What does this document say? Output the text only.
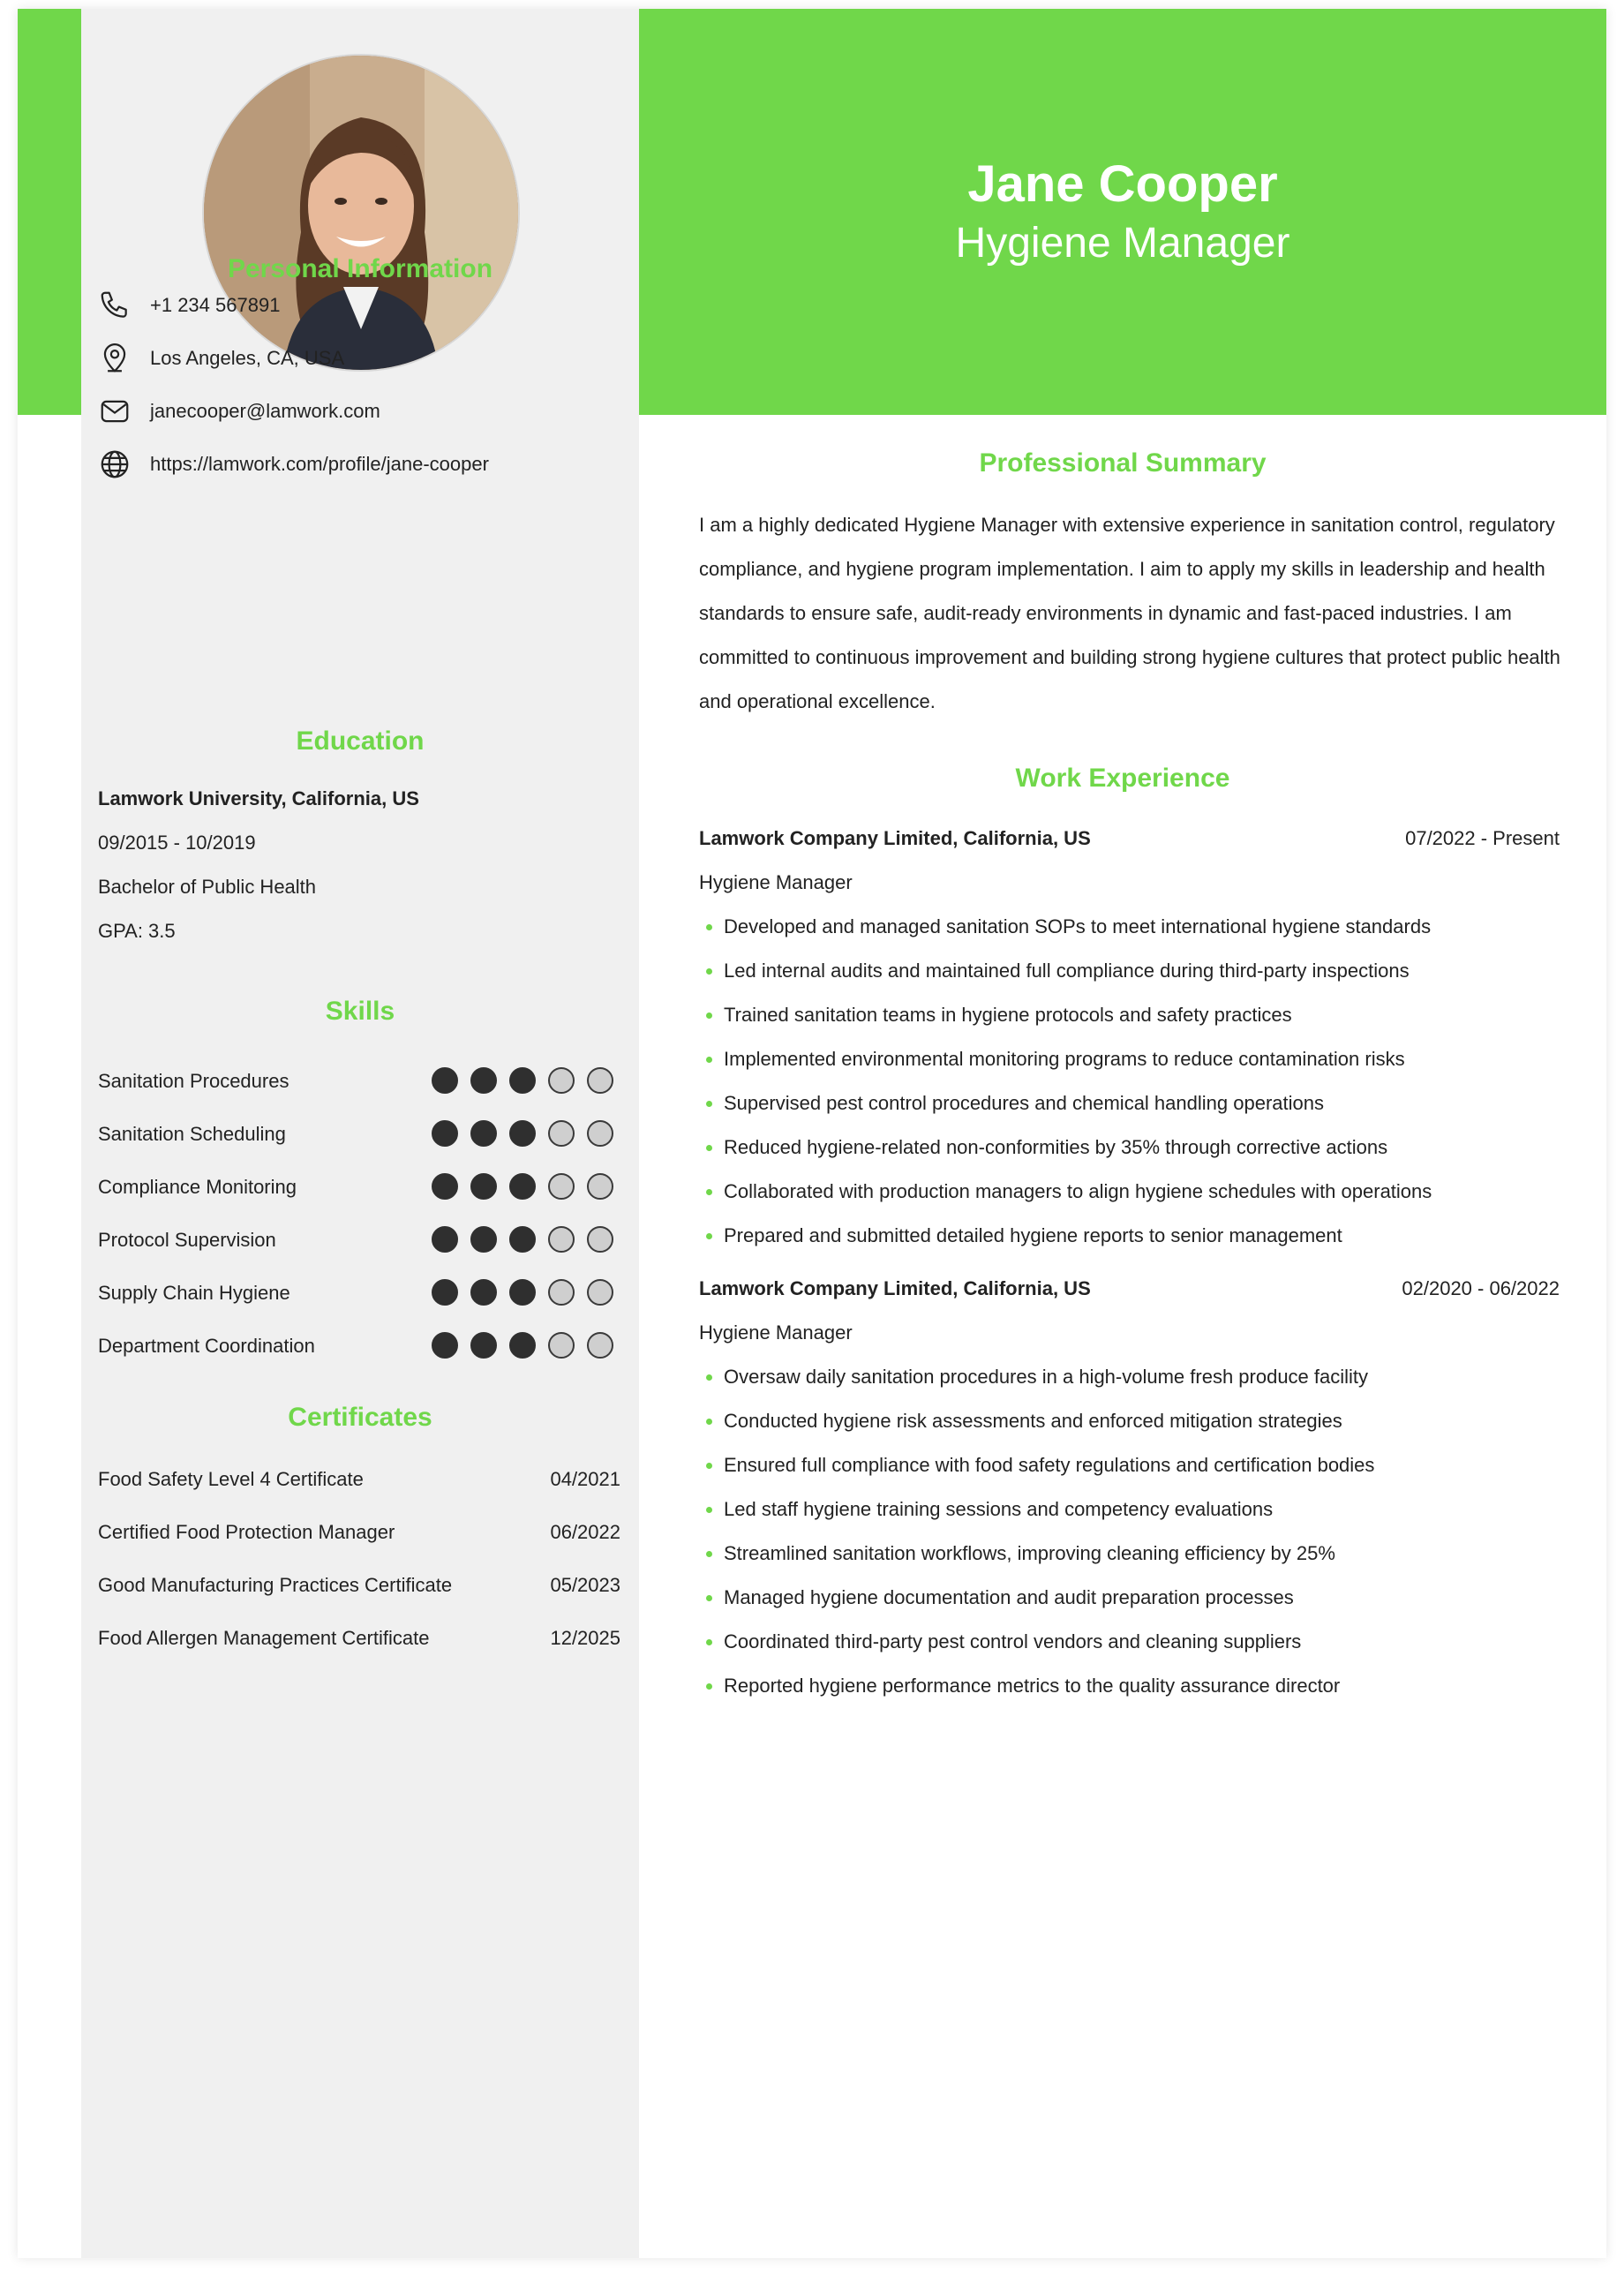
Jane Cooper
Hygiene Manager
Personal Information
+1 234 567891
Los Angeles, CA, USA
janecooper@lamwork.com
https://lamwork.com/profile/jane-cooper
Education
Lamwork University, California, US
09/2015 - 10/2019
Bachelor of Public Health
GPA: 3.5
Skills
Sanitation Procedures
Sanitation Scheduling
Compliance Monitoring
Protocol Supervision
Supply Chain Hygiene
Department Coordination
Certificates
Food Safety Level 4 Certificate	04/2021
Certified Food Protection Manager	06/2022
Good Manufacturing Practices Certificate	05/2023
Food Allergen Management Certificate	12/2025
Professional Summary
I am a highly dedicated Hygiene Manager with extensive experience in sanitation control, regulatory compliance, and hygiene program implementation. I aim to apply my skills in leadership and health standards to ensure safe, audit-ready environments in dynamic and fast-paced industries. I am committed to continuous improvement and building strong hygiene cultures that protect public health and operational excellence.
Work Experience
Lamwork Company Limited, California, US	07/2022 - Present
Hygiene Manager
Developed and managed sanitation SOPs to meet international hygiene standards
Led internal audits and maintained full compliance during third-party inspections
Trained sanitation teams in hygiene protocols and safety practices
Implemented environmental monitoring programs to reduce contamination risks
Supervised pest control procedures and chemical handling operations
Reduced hygiene-related non-conformities by 35% through corrective actions
Collaborated with production managers to align hygiene schedules with operations
Prepared and submitted detailed hygiene reports to senior management
Lamwork Company Limited, California, US	02/2020 - 06/2022
Hygiene Manager
Oversaw daily sanitation procedures in a high-volume fresh produce facility
Conducted hygiene risk assessments and enforced mitigation strategies
Ensured full compliance with food safety regulations and certification bodies
Led staff hygiene training sessions and competency evaluations
Streamlined sanitation workflows, improving cleaning efficiency by 25%
Managed hygiene documentation and audit preparation processes
Coordinated third-party pest control vendors and cleaning suppliers
Reported hygiene performance metrics to the quality assurance director
